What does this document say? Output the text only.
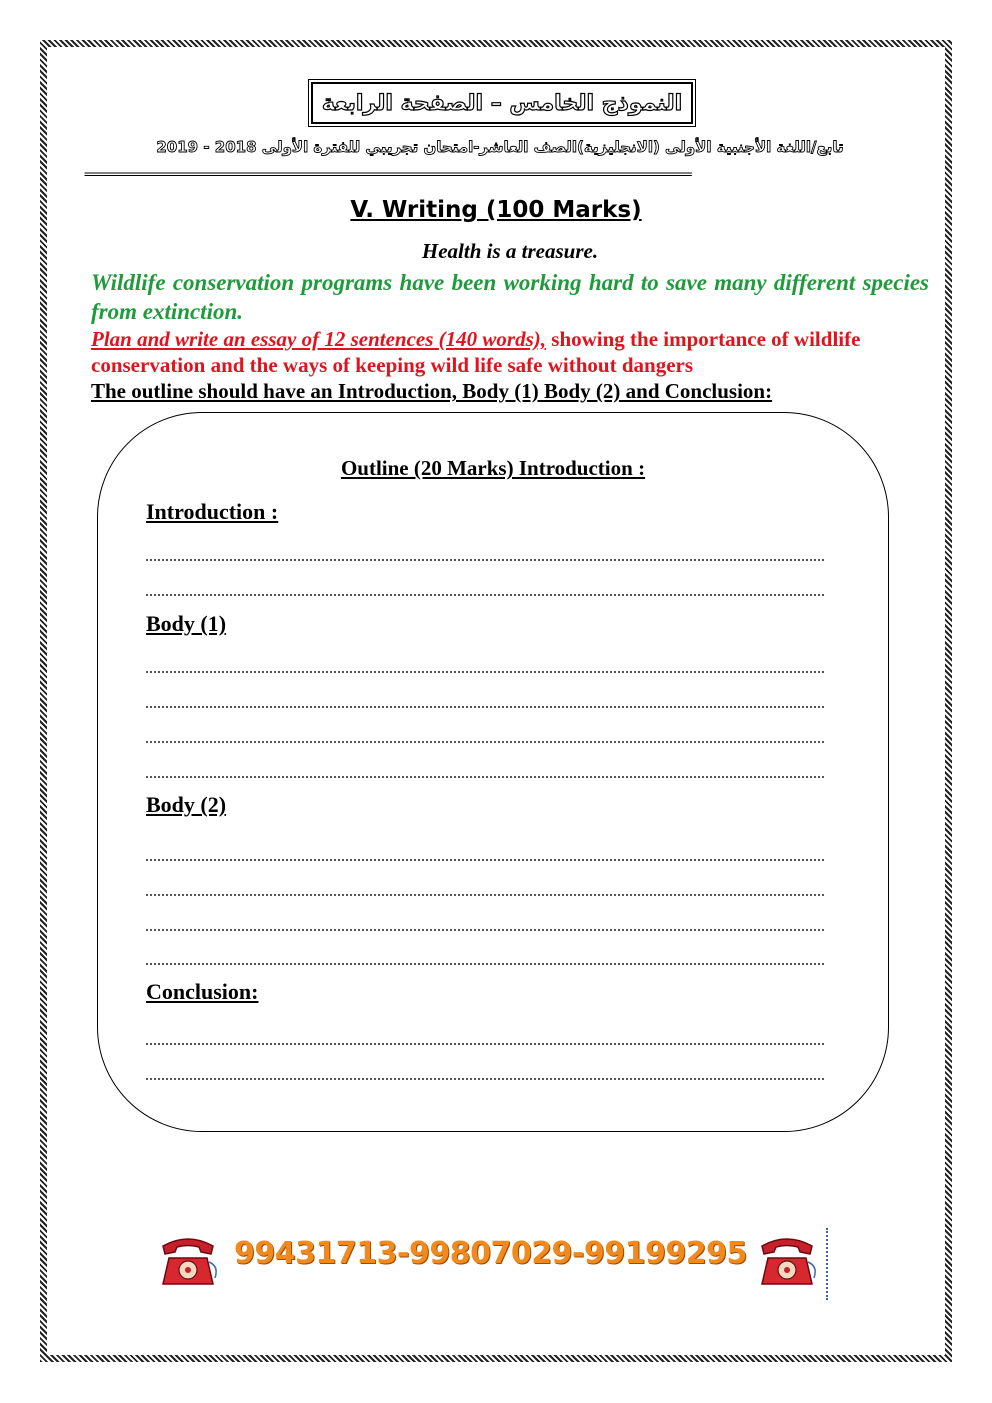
النموذج الخامس – الصفحة الرابعة
تابع/اللغة الأجنبية الأولى (الانجليزية)الصف العاشر-امتحان تجريبي للفترة الأولى 2018 - 2019
==========================================================================================================
V. Writing (100 Marks)
Health is a treasure.
Wildlife conservation programs have been working hard to save many different species from extinction.
Plan and write an essay of 12 sentences (140 words), showing the importance of wildlife conservation and the ways of keeping wild life safe without dangers
The outline should have an Introduction, Body (1) Body (2) and Conclusion:
Outline (20 Marks) Introduction :
Introduction :
Body (1)
Body (2)
Conclusion:
99431713-99807029-99199295
